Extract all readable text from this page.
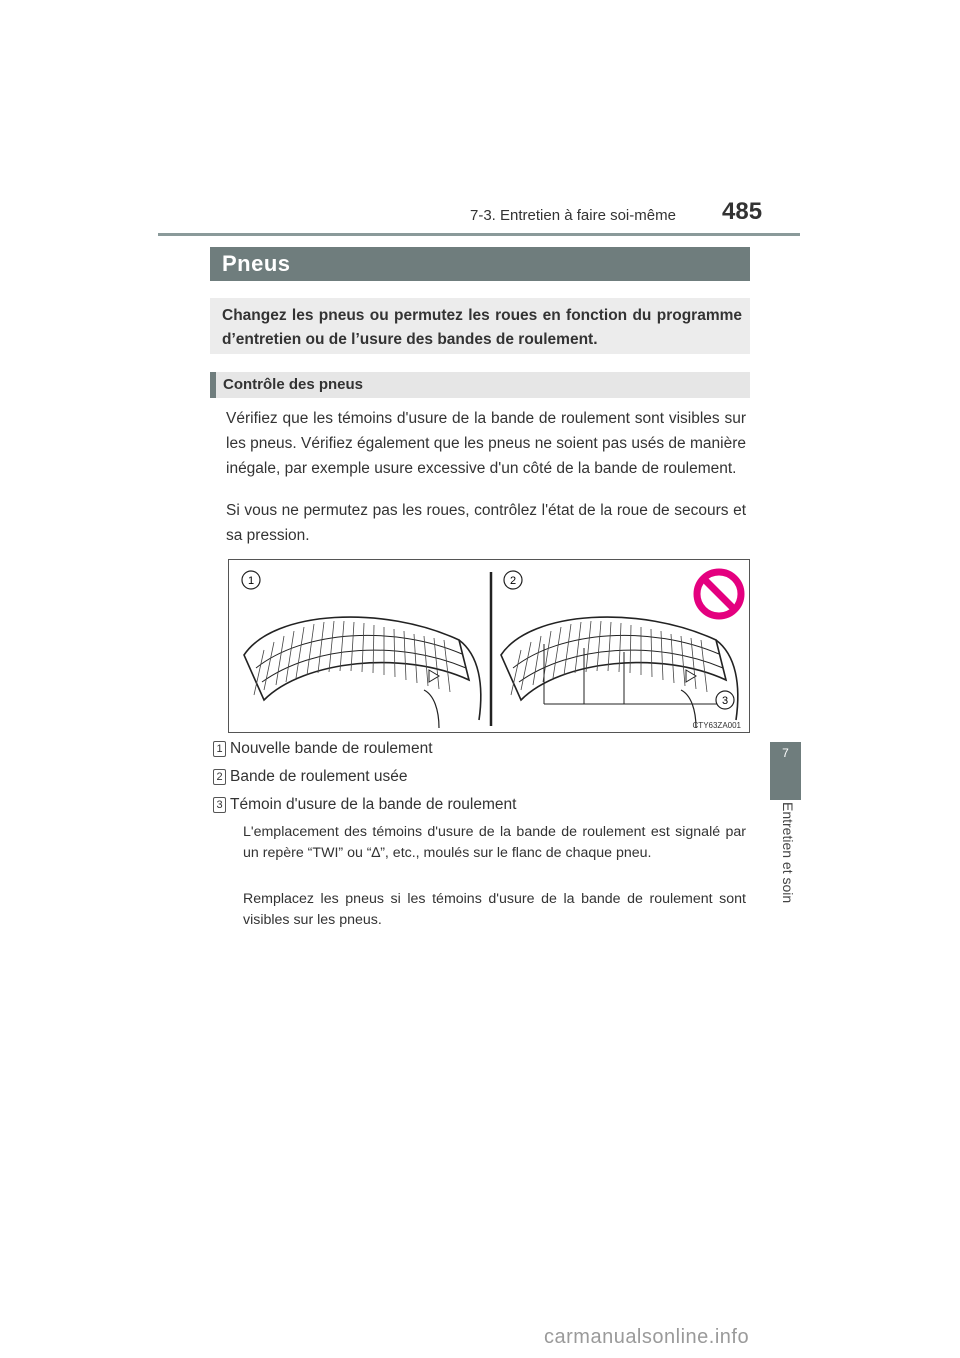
7-3. Entretien à faire soi-même 485
7
Entretien et soin
Pneus
Changez les pneus ou permutez les roues en fonction du programme d’entretien ou de l’usure des bandes de roulement.
Contrôle des pneus
Vérifiez que les témoins d'usure de la bande de roulement sont visibles sur les pneus. Vérifiez également que les pneus ne soient pas usés de manière inégale, par exemple usure excessive d'un côté de la bande de roulement.
Si vous ne permutez pas les roues, contrôlez l'état de la roue de secours et sa pression.
1	2
3
CTY63ZA001
1 Nouvelle bande de roulement
2 Bande de roulement usée
3 Témoin d'usure de la bande de roulement
L'emplacement des témoins d'usure de la bande de roulement est signalé par un repère “TWI” ou “∆”, etc., moulés sur le flanc de chaque pneu.
Remplacez les pneus si les témoins d'usure de la bande de roulement sont visibles sur les pneus.
carmanualsonline.info
